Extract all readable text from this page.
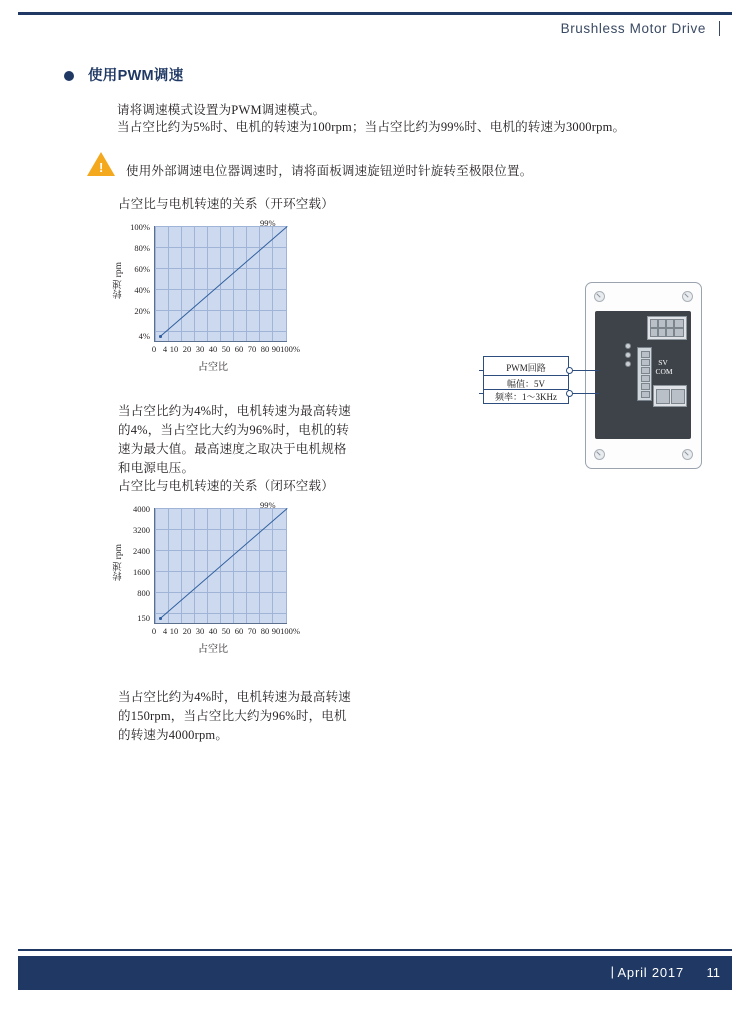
Brushless Motor Drive
使用PWM调速
请将调速模式设置为PWM调速模式。
当占空比约为5%时、电机的转速为100rpm；当占空比约为99%时、电机的转速为3000rpm。
! 使用外部调速电位器调速时，请将面板调速旋钮逆时针旋转至极限位置。
占空比与电机转速的关系（开环空载）
转速 rpm
100%
80%
60%
40%
20%
4%
99%
0 4 10 20 30 40 50 60 70 80 90 100%
占空比
当占空比约为4%时，电机转速为最高转速的4%，当占空比大约为96%时，电机的转速为最大值。最高速度之取决于电机规格和电源电压。
占空比与电机转速的关系（闭环空载）
转速 rpm
4000
3200
2400
1600
800
150
99%
0 4 10 20 30 40 50 60 70 80 90 100%
占空比
当占空比约为4%时，电机转速为最高转速的150rpm，当占空比大约为96%时，电机的转速为4000rpm。
SV
COM
PWM回路
幅值：5V
频率：1～3KHz
| April 2017 11
